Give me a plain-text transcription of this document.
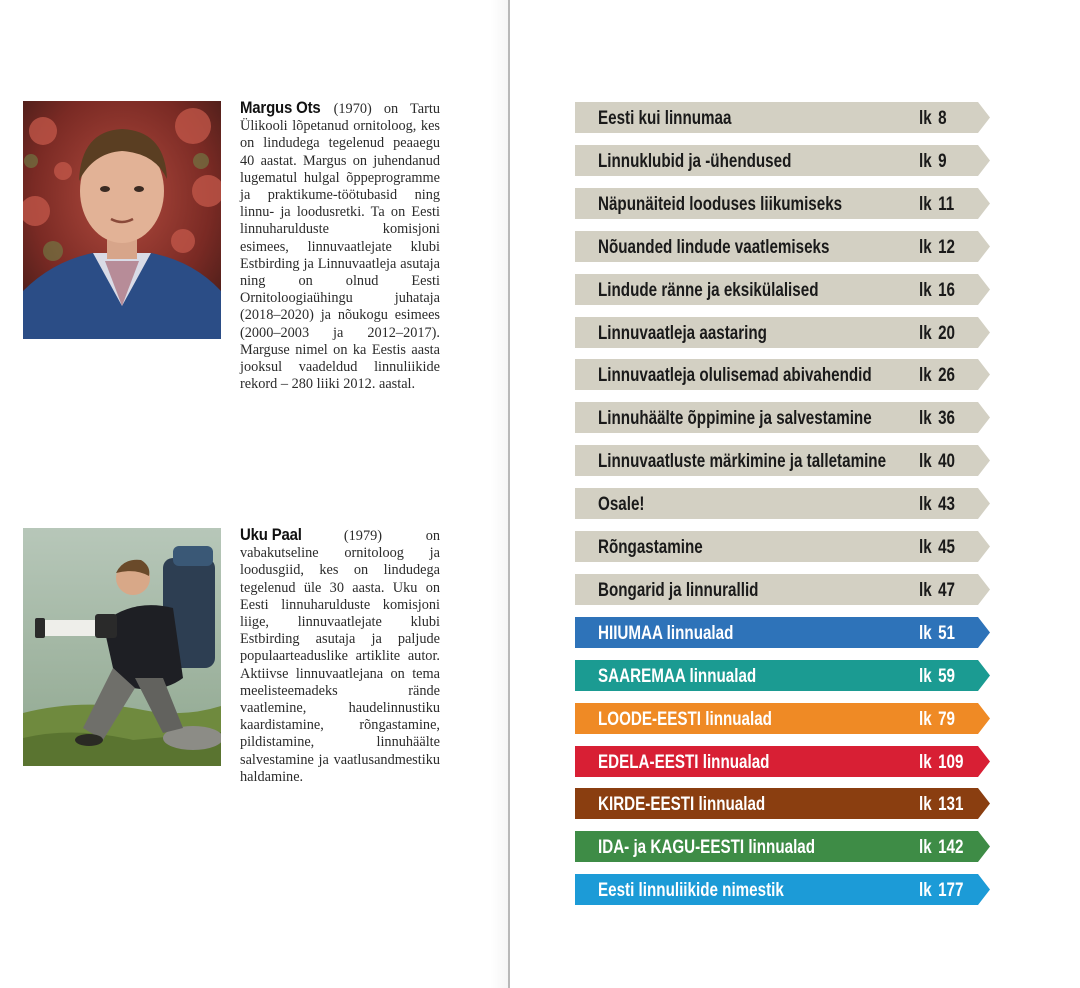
Margus Ots (1970) on Tartu Ülikooli lõpetanud ornitoloog, kes on lindudega tegelenud peaaegu 40 aastat. Margus on juhendanud lugematul hulgal õppeprogramme ja praktikume-töötubasid ning linnu- ja loodusretki. Ta on Eesti linnuharulduste komisjoni esimees, linnuvaatlejate klubi Estbirding ja Linnuvaatleja asutaja ning on olnud Eesti Ornitoloogiaühingu juhataja (2018–2020) ja nõukogu esimees (2000–2003 ja 2012–2017). Marguse nimel on ka Eestis aasta jooksul vaadeldud linnuliikide rekord – 280 liiki 2012. aastal.
Uku Paal (1979) on vabakutseline ornitoloog ja loodusgiid, kes on lindudega tegelenud üle 30 aasta. Uku on Eesti linnuharulduste komisjoni liige, linnuvaatlejate klubi Estbirding asutaja ja paljude populaarteaduslike artiklite autor. Aktiivse linnuvaatlejana on tema meelisteemadeks rände vaatlemine, haudelinnustiku kaardistamine, rõngastamine, pildistamine, linnuhäälte salvestamine ja vaatlusandmestiku haldamine.
Eesti kui linnumaa	lk 8
Linnuklubid ja -ühendused	lk 9
Näpunäiteid looduses liikumiseks	lk 11
Nõuanded lindude vaatlemiseks	lk 12
Lindude ränne ja eksikülalised	lk 16
Linnuvaatleja aastaring	lk 20
Linnuvaatleja olulisemad abivahendid lk 26
Linnuhäälte õppimine ja salvestamine lk 36
Linnuvaatluste märkimine ja talletamine lk 40
Osale!	lk 43
Rõngastamine	lk 45
Bongarid ja linnurallid	lk 47
HIIUMAA linnualad	lk 51
SAAREMAA linnualad	lk 59
LOODE-EESTI linnualad	lk 79
EDELA-EESTI linnualad	lk 109
KIRDE-EESTI linnualad	lk 131
IDA- ja KAGU-EESTI linnualad	lk 142
Eesti linnuliikide nimestik	lk 177
